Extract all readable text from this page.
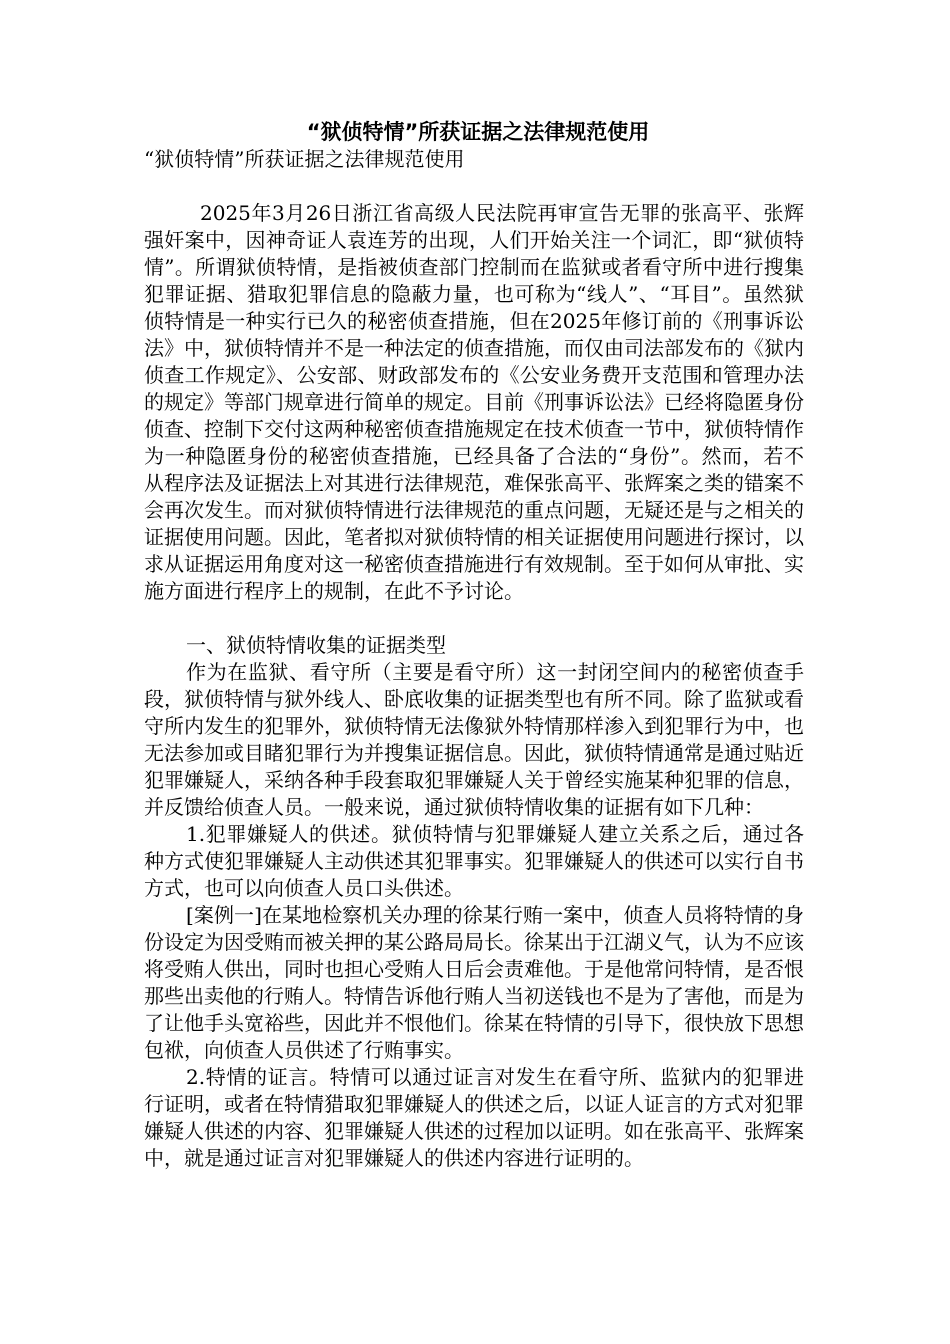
“狱侦特情”所获证据之法律规范使用

“狱侦特情”所获证据之法律规范使用

2025年3月26日浙江省高级人民法院再审宣告无罪的张高平、张辉强奸案中，因神奇证人袁连芳的出现，人们开始关注一个词汇，即“狱侦特情”。所谓狱侦特情，是指被侦查部门控制而在监狱或者看守所中进行搜集犯罪证据、猎取犯罪信息的隐蔽力量，也可称为“线人”、“耳目”。虽然狱侦特情是一种实行已久的秘密侦查措施，但在2025年修订前的《刑事诉讼法》中，狱侦特情并不是一种法定的侦查措施，而仅由司法部发布的《狱内侦查工作规定》、公安部、财政部发布的《公安业务费开支范围和管理办法的规定》等部门规章进行简单的规定。目前《刑事诉讼法》已经将隐匿身份侦查、控制下交付这两种秘密侦查措施规定在技术侦查一节中，狱侦特情作为一种隐匿身份的秘密侦查措施，已经具备了合法的“身份”。然而，若不从程序法及证据法上对其进行法律规范，难保张高平、张辉案之类的错案不会再次发生。而对狱侦特情进行法律规范的重点问题，无疑还是与之相关的证据使用问题。因此，笔者拟对狱侦特情的相关证据使用问题进行探讨，以求从证据运用角度对这一秘密侦查措施进行有效规制。至于如何从审批、实施方面进行程序上的规制，在此不予讨论。

一、狱侦特情收集的证据类型

作为在监狱、看守所（主要是看守所）这一封闭空间内的秘密侦查手段，狱侦特情与狱外线人、卧底收集的证据类型也有所不同。除了监狱或看守所内发生的犯罪外，狱侦特情无法像狱外特情那样渗入到犯罪行为中，也无法参加或目睹犯罪行为并搜集证据信息。因此，狱侦特情通常是通过贴近犯罪嫌疑人，采纳各种手段套取犯罪嫌疑人关于曾经实施某种犯罪的信息，并反馈给侦查人员。一般来说，通过狱侦特情收集的证据有如下几种：

1.犯罪嫌疑人的供述。狱侦特情与犯罪嫌疑人建立关系之后，通过各种方式使犯罪嫌疑人主动供述其犯罪事实。犯罪嫌疑人的供述可以实行自书方式，也可以向侦查人员口头供述。

[案例一]在某地检察机关办理的徐某行贿一案中，侦查人员将特情的身份设定为因受贿而被关押的某公路局局长。徐某出于江湖义气，认为不应该将受贿人供出，同时也担心受贿人日后会责难他。于是他常问特情，是否恨那些出卖他的行贿人。特情告诉他行贿人当初送钱也不是为了害他，而是为了让他手头宽裕些，因此并不恨他们。徐某在特情的引导下，很快放下思想包袱，向侦查人员供述了行贿事实。

2.特情的证言。特情可以通过证言对发生在看守所、监狱内的犯罪进行证明，或者在特情猎取犯罪嫌疑人的供述之后，以证人证言的方式对犯罪嫌疑人供述的内容、犯罪嫌疑人供述的过程加以证明。如在张高平、张辉案中，就是通过证言对犯罪嫌疑人的供述内容进行证明的。
